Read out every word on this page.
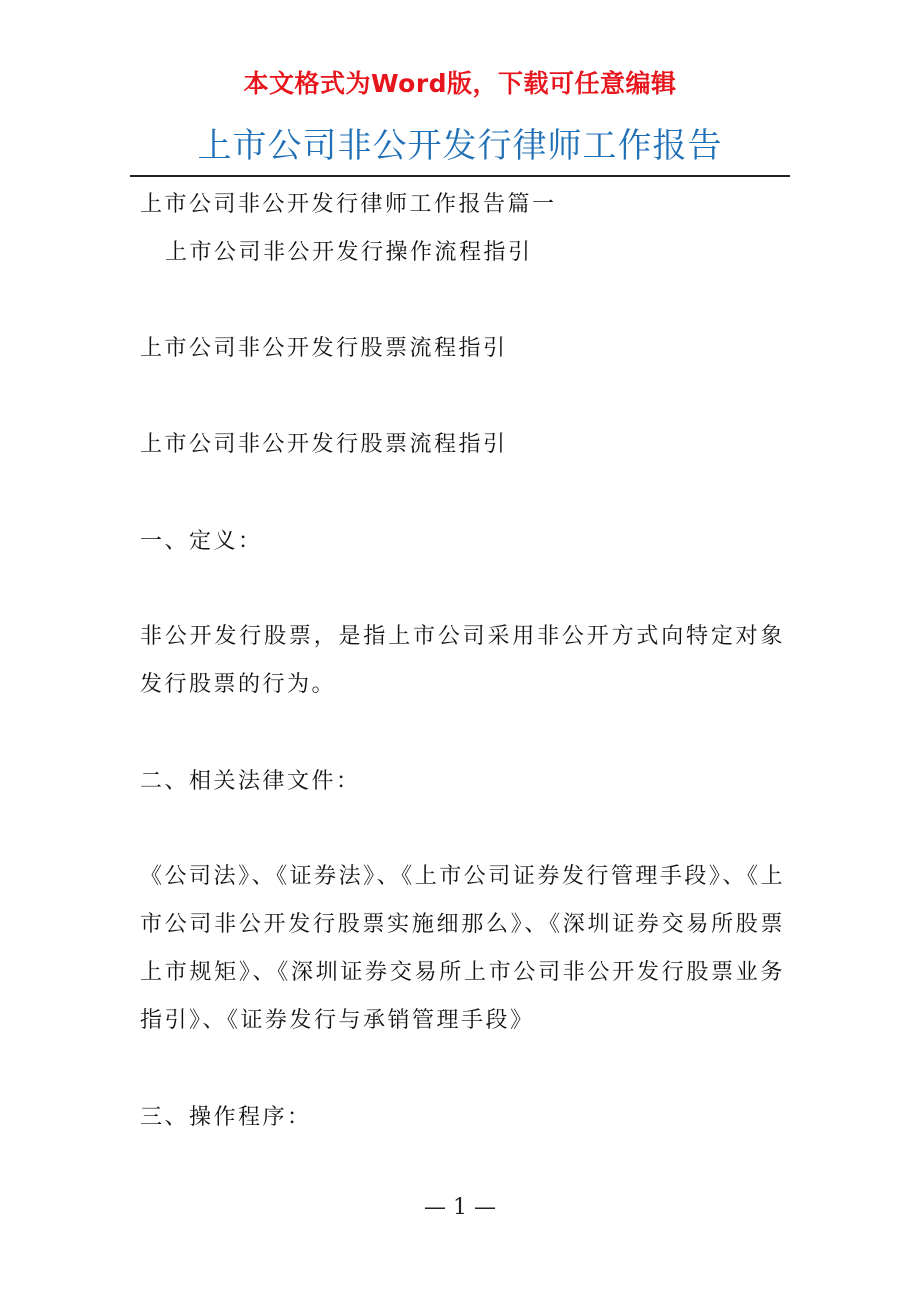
本文格式为Word版，下载可任意编辑
上市公司非公开发行律师工作报告
上市公司非公开发行律师工作报告篇一
上市公司非公开发行操作流程指引
上市公司非公开发行股票流程指引
上市公司非公开发行股票流程指引
一、定义：
非公开发行股票，是指上市公司采用非公开方式向特定对象发行股票的行为。
二、相关法律文件：
《公司法》、《证券法》、《上市公司证券发行管理手段》、《上市公司非公开发行股票实施细那么》、《深圳证券交易所股票上市规矩》、《深圳证券交易所上市公司非公开发行股票业务指引》、《证券发行与承销管理手段》
三、操作程序：
— 1 —
